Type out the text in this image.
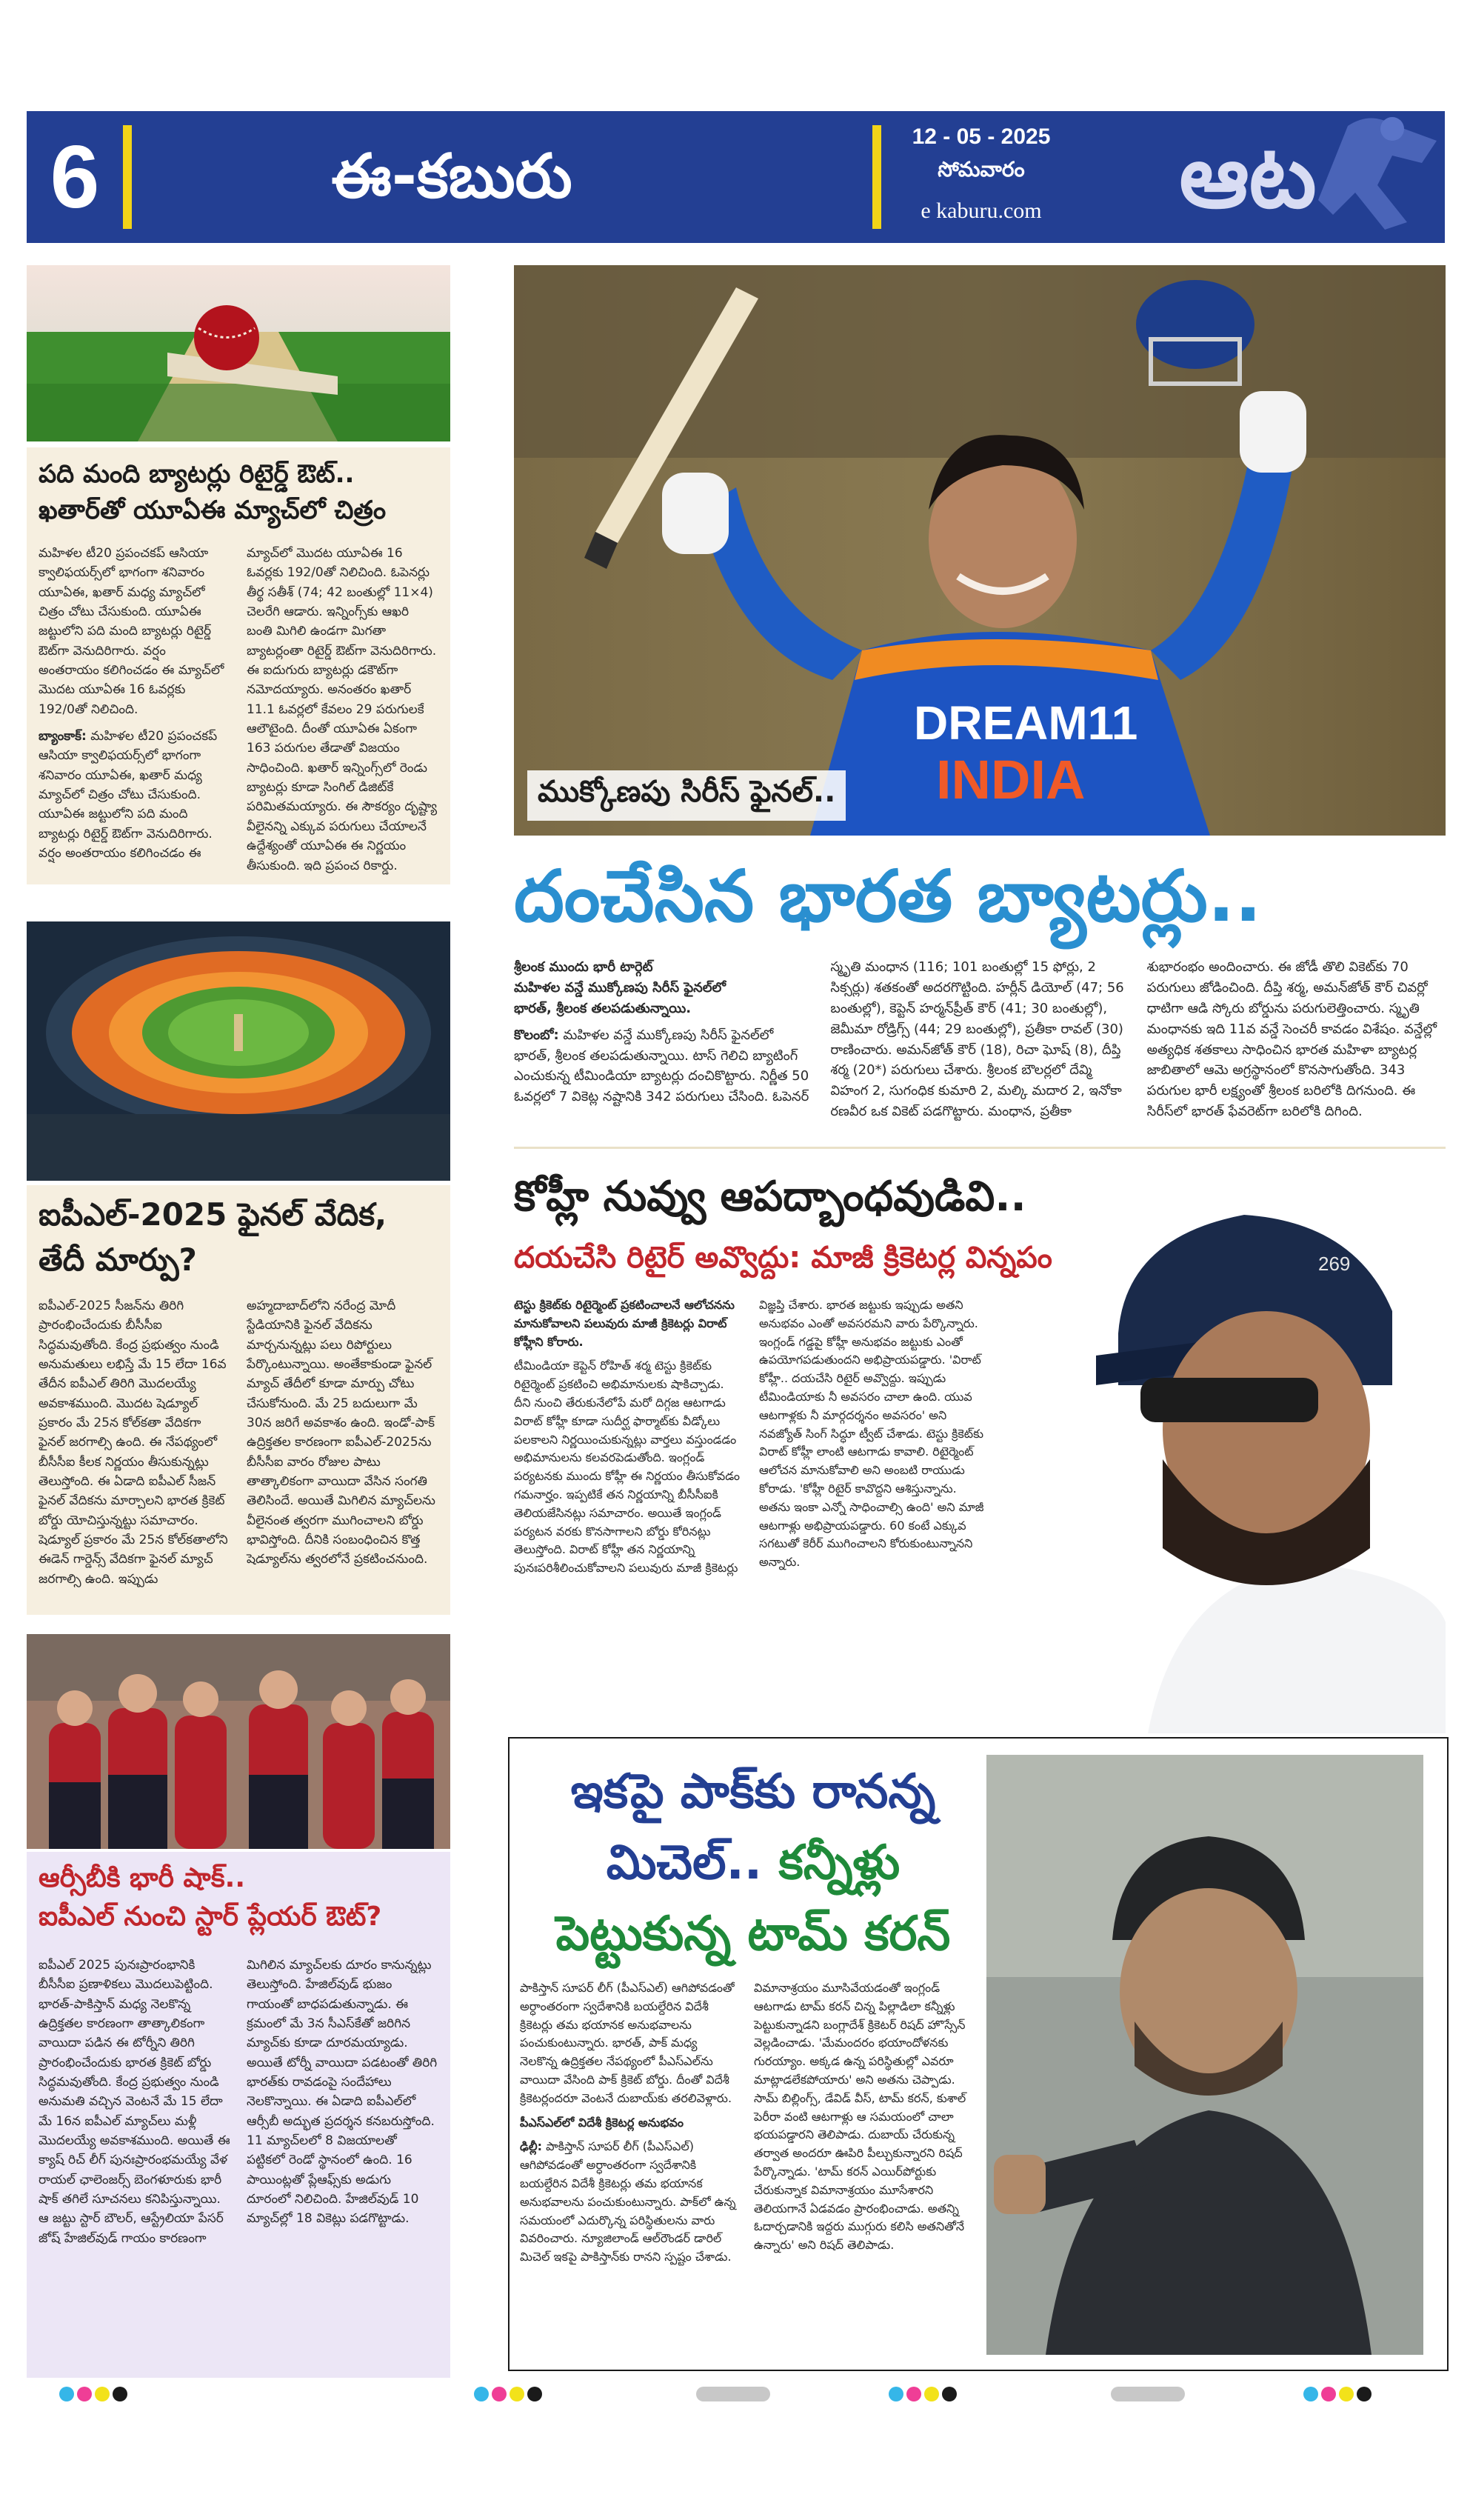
6	ఈ-కబురు
12 - 05 - 2025
సోమవారం
e kaburu.com	ఆట
పది మంది బ్యాటర్లు రిటైర్డ్ ఔట్..
ఖతార్‌తో యూఏఈ మ్యాచ్‌లో చిత్రం

మహిళల టీ20 ప్రపంచకప్ ఆసియా క్వాలిఫయర్స్‌లో భాగంగా శనివారం యూఏఈ, ఖతార్ మధ్య మ్యాచ్‌లో చిత్రం చోటు చేసుకుంది. యూఏఈ జట్టులోని పది మంది బ్యాటర్లు రిటైర్డ్ ఔట్‌గా వెనుదిరిగారు. వర్షం అంతరాయం కలిగించడం ఈ మ్యాచ్‌లో మొదట యూఏఈ 16 ఓవర్లకు 192/0తో నిలిచింది.

బ్యాంకాక్: మహిళల టీ20 ప్రపంచకప్ ఆసియా క్వాలిఫయర్స్‌లో భాగంగా శనివారం యూఏఈ, ఖతార్ మధ్య మ్యాచ్‌లో చిత్రం చోటు చేసుకుంది. యూఏఈ జట్టులోని పది మంది బ్యాటర్లు రిటైర్డ్ ఔట్‌గా వెనుదిరిగారు. వర్షం అంతరాయం కలిగించడం ఈ మ్యాచ్‌లో మొదట యూఏఈ 16 ఓవర్లకు 192/0తో నిలిచింది. ఓపెనర్లు తీర్థ సతీశ్ (74; 42 బంతుల్లో 11×4) చెలరేగి ఆడారు. ఇన్నింగ్స్‌కు ఆఖరి బంతి మిగిలి ఉండగా మిగతా బ్యాటర్లంతా రిటైర్డ్ ఔట్‌గా వెనుదిరిగారు. ఈ ఐదుగురు బ్యాటర్లు డకౌట్‌గా నమోదయ్యారు. అనంతరం ఖతార్ 11.1 ఓవర్లలో కేవలం 29 పరుగులకే ఆలౌటైంది. దీంతో యూఏఈ ఏకంగా 163 పరుగుల తేడాతో విజయం సాధించింది. ఖతార్ ఇన్నింగ్స్‌లో రెండు బ్యాటర్లు కూడా సింగిల్ డిజిట్‌కే పరిమితమయ్యారు. ఈ సౌకర్యం దృష్ట్యా వీలైనన్ని ఎక్కువ పరుగులు చేయాలనే ఉద్దేశ్యంతో యూఏఈ ఈ నిర్ణయం తీసుకుంది. ఇది ప్రపంచ రికార్డు.

ఐపీఎల్-2025 ఫైనల్ వేదిక,
తేదీ మార్పు?
ఐపీఎల్-2025 సీజన్‌ను తిరిగి ప్రారంభించేందుకు బీసీసీఐ సిద్ధమవుతోంది. కేంద్ర ప్రభుత్వం నుండి అనుమతులు లభిస్తే మే 15 లేదా 16వ తేదీన ఐపీఎల్ తిరిగి మొదలయ్యే అవకాశముంది. మొదట షెడ్యూల్ ప్రకారం మే 25న కోల్‌కతా వేదికగా ఫైనల్ జరగాల్సి ఉంది. ఈ నేపథ్యంలో బీసీసీఐ కీలక నిర్ణయం తీసుకున్నట్లు తెలుస్తోంది. ఈ ఏడాది ఐపీఎల్ సీజన్ ఫైనల్ వేదికను మార్చాలని భారత క్రికెట్ బోర్డు యోచిస్తున్నట్టు సమాచారం. షెడ్యూల్ ప్రకారం మే 25న కోల్‌కతాలోని ఈడెన్ గార్డెన్స్ వేదికగా ఫైనల్ మ్యాచ్ జరగాల్సి ఉంది. ఇప్పుడు అహ్మదాబాద్‌లోని నరేంద్ర మోదీ స్టేడియానికి ఫైనల్ వేదికను మార్చనున్నట్లు పలు రిపోర్టులు పేర్కొంటున్నాయి. అంతేకాకుండా ఫైనల్ మ్యాచ్ తేదీలో కూడా మార్పు చోటు చేసుకోనుంది. మే 25 బదులుగా మే 30న జరిగే అవకాశం ఉంది. ఇండో-పాక్ ఉద్రిక్తతల కారణంగా ఐపీఎల్-2025ను బీసీసీఐ వారం రోజుల పాటు తాత్కాలికంగా వాయిదా వేసిన సంగతి తెలిసిందే. అయితే మిగిలిన మ్యాచ్‌లను వీలైనంత త్వరగా ముగించాలని బోర్డు భావిస్తోంది. దీనికి సంబంధించిన కొత్త షెడ్యూల్‌ను త్వరలోనే ప్రకటించనుంది.
ఆర్సీబీకి భారీ షాక్..
ఐపీఎల్ నుంచి స్టార్ ప్లేయర్ ఔట్?
ఐపీఎల్ 2025 పునఃప్రారంభానికి బీసీసీఐ ప్రణాళికలు మొదలుపెట్టింది. భారత్-పాకిస్తాన్ మధ్య నెలకొన్న ఉద్రిక్తతల కారణంగా తాత్కాలికంగా వాయిదా పడిన ఈ టోర్నీని తిరిగి ప్రారంభించేందుకు భారత క్రికెట్ బోర్డు సిద్ధమవుతోంది. కేంద్ర ప్రభుత్వం నుండి అనుమతి వచ్చిన వెంటనే మే 15 లేదా మే 16న ఐపీఎల్ మ్యాచ్‌లు మళ్లీ మొదలయ్యే అవకాశముంది. అయితే ఈ క్యాష్ రిచ్ లీగ్ పునఃప్రారంభమయ్యే వేళ రాయల్ ఛాలెంజర్స్ బెంగళూరుకు భారీ షాక్ తగిలే సూచనలు కనిపిస్తున్నాయి. ఆ జట్టు స్టార్ బౌలర్, ఆస్ట్రేలియా పేసర్ జోష్ హేజిల్‌వుడ్ గాయం కారణంగా మిగిలిన మ్యాచ్‌లకు దూరం కానున్నట్లు తెలుస్తోంది. హేజిల్‌వుడ్ భుజం గాయంతో బాధపడుతున్నాడు. ఈ క్రమంలో మే 3న సీఎస్‌కేతో జరిగిన మ్యాచ్‌కు కూడా దూరమయ్యాడు. అయితే టోర్నీ వాయిదా పడటంతో తిరిగి భారత్‌కు రావడంపై సందేహాలు నెలకొన్నాయి. ఈ ఏడాది ఐపీఎల్‌లో ఆర్సీబీ అద్భుత ప్రదర్శన కనబరుస్తోంది. 11 మ్యాచ్‌లలో 8 విజయాలతో పట్టికలో రెండో స్థానంలో ఉంది. 16 పాయింట్లతో ప్లేఆఫ్స్‌కు అడుగు దూరంలో నిలిచింది. హేజిల్‌వుడ్ 10 మ్యాచ్‌ల్లో 18 వికెట్లు పడగొట్టాడు.
DREAM11
INDIA
ముక్కోణపు సిరీస్ ఫైనల్..
దంచేసిన భారత బ్యాటర్లు..
శ్రీలంక ముందు భారీ టార్గెట్
మహిళల వన్డే ముక్కోణపు సిరీస్ ఫైనల్‌లో
భారత్, శ్రీలంక తలపడుతున్నాయి.
కొలంబో: మహిళల వన్డే ముక్కోణపు సిరీస్ ఫైనల్‌లో భారత్, శ్రీలంక తలపడుతున్నాయి. టాస్ గెలిచి బ్యాటింగ్ ఎంచుకున్న టీమిండియా బ్యాటర్లు దంచికొట్టారు. నిర్ణీత 50 ఓవర్లలో 7 వికెట్ల నష్టానికి 342 పరుగులు చేసింది. ఓపెనర్ స్మృతి మంధాన (116; 101 బంతుల్లో 15 ఫోర్లు, 2 సిక్సర్లు) శతకంతో అదరగొట్టింది. హర్లీన్ డియోల్ (47; 56 బంతుల్లో), కెప్టెన్ హర్మన్‌ప్రీత్ కౌర్ (41; 30 బంతుల్లో), జెమీమా రోడ్రిగ్స్ (44; 29 బంతుల్లో), ప్రతీకా రావల్ (30) రాణించారు. అమన్‌జోత్ కౌర్ (18), రిచా ఘోష్ (8), దీప్తి శర్మ (20*) పరుగులు చేశారు. శ్రీలంక బౌలర్లలో దేవ్మి విహంగ 2, సుగంధిక కుమారి 2, మల్కి మదార 2, ఇనోకా రణవీర ఒక వికెట్ పడగొట్టారు. మంధాన, ప్రతీకా శుభారంభం అందించారు. ఈ జోడీ తొలి వికెట్‌కు 70 పరుగులు జోడించింది. దీప్తి శర్మ, అమన్‌జోత్ కౌర్ చివర్లో ధాటిగా ఆడి స్కోరు బోర్డును పరుగులెత్తించారు. స్మృతి మంధానకు ఇది 11వ వన్డే సెంచరీ కావడం విశేషం. వన్డేల్లో అత్యధిక శతకాలు సాధించిన భారత మహిళా బ్యాటర్ల జాబితాలో ఆమె అగ్రస్థానంలో కొనసాగుతోంది. 343 పరుగుల భారీ లక్ష్యంతో శ్రీలంక బరిలోకి దిగనుంది. ఈ సిరీస్‌లో భారత్ ఫేవరెట్‌గా బరిలోకి దిగింది.
269
కోహ్లీ నువ్వు ఆపద్బాంధవుడివి..
దయచేసి రిటైర్ అవ్వొద్దు: మాజీ క్రికెటర్ల విన్నపం

టెస్టు క్రికెట్‌కు రిటైర్మెంట్ ప్రకటించాలనే ఆలోచనను మానుకోవాలని పలువురు మాజీ క్రికెటర్లు విరాట్ కోహ్లీని కోరారు.

టీమిండియా కెప్టెన్ రోహిత్ శర్మ టెస్టు క్రికెట్‌కు రిటైర్మెంట్ ప్రకటించి అభిమానులకు షాకిచ్చాడు. దీని నుంచి తేరుకునేలోపే మరో దిగ్గజ ఆటగాడు విరాట్ కోహ్లీ కూడా సుదీర్ఘ ఫార్మాట్‌కు వీడ్కోలు పలకాలని నిర్ణయించుకున్నట్లు వార్తలు వస్తుండడం అభిమానులను కలవరపెడుతోంది. ఇంగ్లండ్ పర్యటనకు ముందు కోహ్లీ ఈ నిర్ణయం తీసుకోవడం గమనార్హం. ఇప్పటికే తన నిర్ణయాన్ని బీసీసీఐకి తెలియజేసినట్లు సమాచారం. అయితే ఇంగ్లండ్ పర్యటన వరకు కొనసాగాలని బోర్డు కోరినట్లు తెలుస్తోంది. విరాట్ కోహ్లీ తన నిర్ణయాన్ని పునఃపరిశీలించుకోవాలని పలువురు మాజీ క్రికెటర్లు విజ్ఞప్తి చేశారు. భారత జట్టుకు ఇప్పుడు అతని అనుభవం ఎంతో అవసరమని వారు పేర్కొన్నారు. ఇంగ్లండ్ గడ్డపై కోహ్లీ అనుభవం జట్టుకు ఎంతో ఉపయోగపడుతుందని అభిప్రాయపడ్డారు. 'విరాట్ కోహ్లీ.. దయచేసి రిటైర్ అవ్వొద్దు. ఇప్పుడు టీమిండియాకు నీ అవసరం చాలా ఉంది. యువ ఆటగాళ్లకు నీ మార్గదర్శనం అవసరం' అని నవజ్యోత్ సింగ్ సిద్ధూ ట్వీట్ చేశాడు. టెస్టు క్రికెట్‌కు విరాట్ కోహ్లీ లాంటి ఆటగాడు కావాలి. రిటైర్మెంట్ ఆలోచన మానుకోవాలి అని అంబటి రాయుడు కోరాడు. 'కోహ్లీ రిటైర్ కావొద్దని ఆశిస్తున్నాను. అతను ఇంకా ఎన్నో సాధించాల్సి ఉంది' అని మాజీ ఆటగాళ్లు అభిప్రాయపడ్డారు. 60 కంటే ఎక్కువ సగటుతో కెరీర్ ముగించాలని కోరుకుంటున్నానని అన్నారు.

ఇకపై పాక్‌కు రానన్న
మిచెల్.. కన్నీళ్లు
పెట్టుకున్న టామ్ కరన్

పాకిస్తాన్ సూపర్ లీగ్ (పీఎస్ఎల్) ఆగిపోవడంతో అర్ధాంతరంగా స్వదేశానికి బయల్దేరిన విదేశీ క్రికెటర్లు తమ భయానక అనుభవాలను పంచుకుంటున్నారు. భారత్, పాక్ మధ్య నెలకొన్న ఉద్రిక్తతల నేపథ్యంలో పీఎస్ఎల్‌ను వాయిదా వేసింది పాక్ క్రికెట్ బోర్డు. దీంతో విదేశీ క్రికెటర్లందరూ వెంటనే దుబాయ్‌కు తరలివెళ్లారు.

పీఎస్ఎల్‌లో విదేశీ క్రికెటర్ల అనుభవం

ఢిల్లీ: పాకిస్తాన్ సూపర్ లీగ్ (పీఎస్ఎల్) ఆగిపోవడంతో అర్ధాంతరంగా స్వదేశానికి బయల్దేరిన విదేశీ క్రికెటర్లు తమ భయానక అనుభవాలను పంచుకుంటున్నారు. పాక్‌లో ఉన్న సమయంలో ఎదుర్కొన్న పరిస్థితులను వారు వివరించారు. న్యూజిలాండ్ ఆల్‌రౌండర్ డారిల్ మిచెల్ ఇకపై పాకిస్తాన్‌కు రానని స్పష్టం చేశాడు. విమానాశ్రయం మూసివేయడంతో ఇంగ్లండ్ ఆటగాడు టామ్ కరన్ చిన్న పిల్లాడిలా కన్నీళ్లు పెట్టుకున్నాడని బంగ్లాదేశ్ క్రికెటర్ రిషద్ హొస్సేన్ వెల్లడించాడు. 'మేమందరం భయాందోళనకు గురయ్యాం. అక్కడ ఉన్న పరిస్థితుల్లో ఎవరూ మాట్లాడలేకపోయారు' అని అతను చెప్పాడు. సామ్ బిల్లింగ్స్, డేవిడ్ వీస్, టామ్ కరన్, కుశాల్ పెరీరా వంటి ఆటగాళ్లు ఆ సమయంలో చాలా భయపడ్డారని తెలిపాడు. దుబాయ్ చేరుకున్న తర్వాత అందరూ ఊపిరి పీల్చుకున్నారని రిషద్ పేర్కొన్నాడు. 'టామ్ కరన్ ఎయిర్‌పోర్టుకు చేరుకున్నాక విమానాశ్రయం మూసేశారని తెలియగానే ఏడవడం ప్రారంభించాడు. అతన్ని ఓదార్చడానికి ఇద్దరు ముగ్గురు కలిసి అతనితోనే ఉన్నారు' అని రిషద్ తెలిపాడు.
